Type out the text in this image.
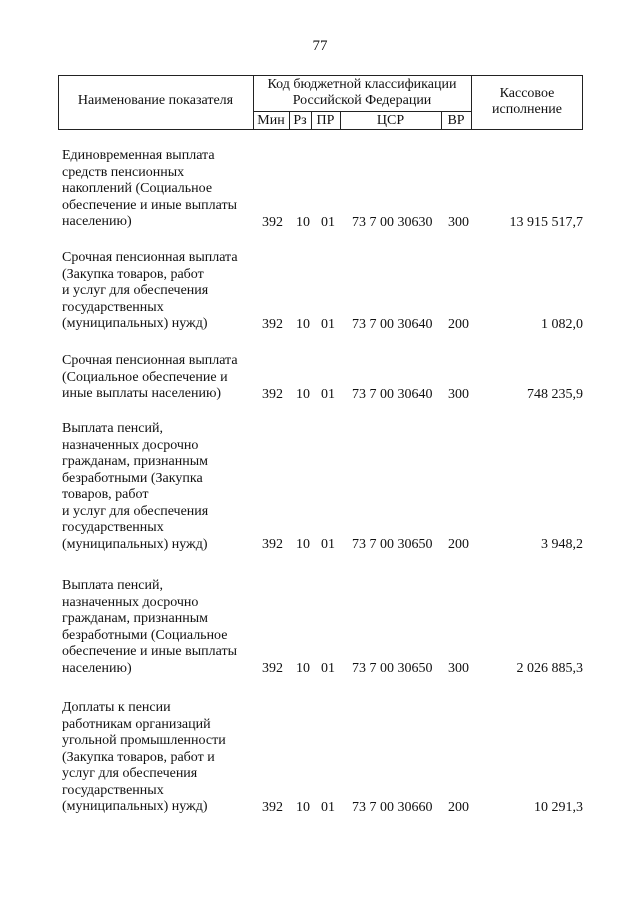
77
Наименование показателя
Код бюджетной классификации
Российской Федерации
Мин Рз ПР	ЦСР	ВР
Кассовое
исполнение
Единовременная выплата
средств пенсионных
накоплений (Социальное
обеспечение и иные выплаты
населению)	392 10 01 73 7 00 30630 300	13 915 517,7
Срочная пенсионная выплата
(Закупка товаров, работ
и услуг для обеспечения
государственных
(муниципальных) нужд)	392 10 01 73 7 00 30640 200	1 082,0
Срочная пенсионная выплата
(Социальное обеспечение и
иные выплаты населению)	392 10 01 73 7 00 30640 300	748 235,9
Выплата пенсий,
назначенных досрочно
гражданам, признанным
безработными (Закупка
товаров, работ
и услуг для обеспечения
государственных
(муниципальных) нужд)	392 10 01 73 7 00 30650 200	3 948,2
Выплата пенсий,
назначенных досрочно
гражданам, признанным
безработными (Социальное
обеспечение и иные выплаты
населению)	392 10 01 73 7 00 30650 300	2 026 885,3
Доплаты к пенсии
работникам организаций
угольной промышленности
(Закупка товаров, работ и
услуг для обеспечения
государственных
(муниципальных) нужд)	392 10 01 73 7 00 30660 200	10 291,3
